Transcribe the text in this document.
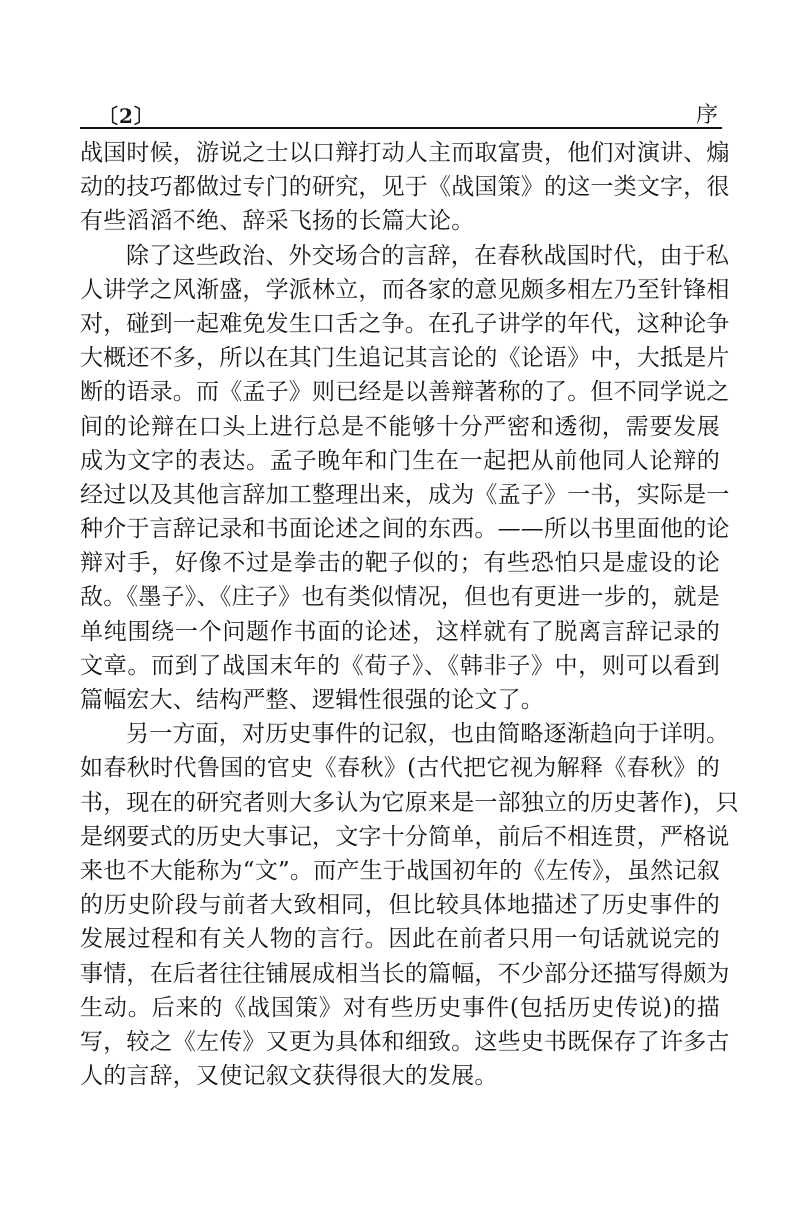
〔2〕	序
战国时候，游说之士以口辩打动人主而取富贵，他们对演讲、煽
动的技巧都做过专门的研究，见于《战国策》的这一类文字，很
有些滔滔不绝、辞采飞扬的长篇大论。
除了这些政治、外交场合的言辞，在春秋战国时代，由于私
人讲学之风渐盛，学派林立，而各家的意见颇多相左乃至针锋相
对，碰到一起难免发生口舌之争。在孔子讲学的年代，这种论争
大概还不多，所以在其门生追记其言论的《论语》中，大抵是片
断的语录。而《孟子》则已经是以善辩著称的了。但不同学说之
间的论辩在口头上进行总是不能够十分严密和透彻，需要发展
成为文字的表达。孟子晚年和门生在一起把从前他同人论辩的
经过以及其他言辞加工整理出来，成为《孟子》一书，实际是一
种介于言辞记录和书面论述之间的东西。——所以书里面他的论
辩对手，好像不过是拳击的靶子似的；有些恐怕只是虚设的论
敌。《墨子》、《庄子》也有类似情况，但也有更进一步的，就是
单纯围绕一个问题作书面的论述，这样就有了脱离言辞记录的
文章。而到了战国末年的《荀子》、《韩非子》中，则可以看到
篇幅宏大、结构严整、逻辑性很强的论文了。
另一方面，对历史事件的记叙，也由简略逐渐趋向于详明。
如春秋时代鲁国的官史《春秋》(古代把它视为解释《春秋》的
书，现在的研究者则大多认为它原来是一部独立的历史著作)，只
是纲要式的历史大事记，文字十分简单，前后不相连贯，严格说
来也不大能称为“文”。而产生于战国初年的《左传》，虽然记叙
的历史阶段与前者大致相同，但比较具体地描述了历史事件的
发展过程和有关人物的言行。因此在前者只用一句话就说完的
事情，在后者往往铺展成相当长的篇幅，不少部分还描写得颇为
生动。后来的《战国策》对有些历史事件(包括历史传说)的描
写，较之《左传》又更为具体和细致。这些史书既保存了许多古
人的言辞，又使记叙文获得很大的发展。
